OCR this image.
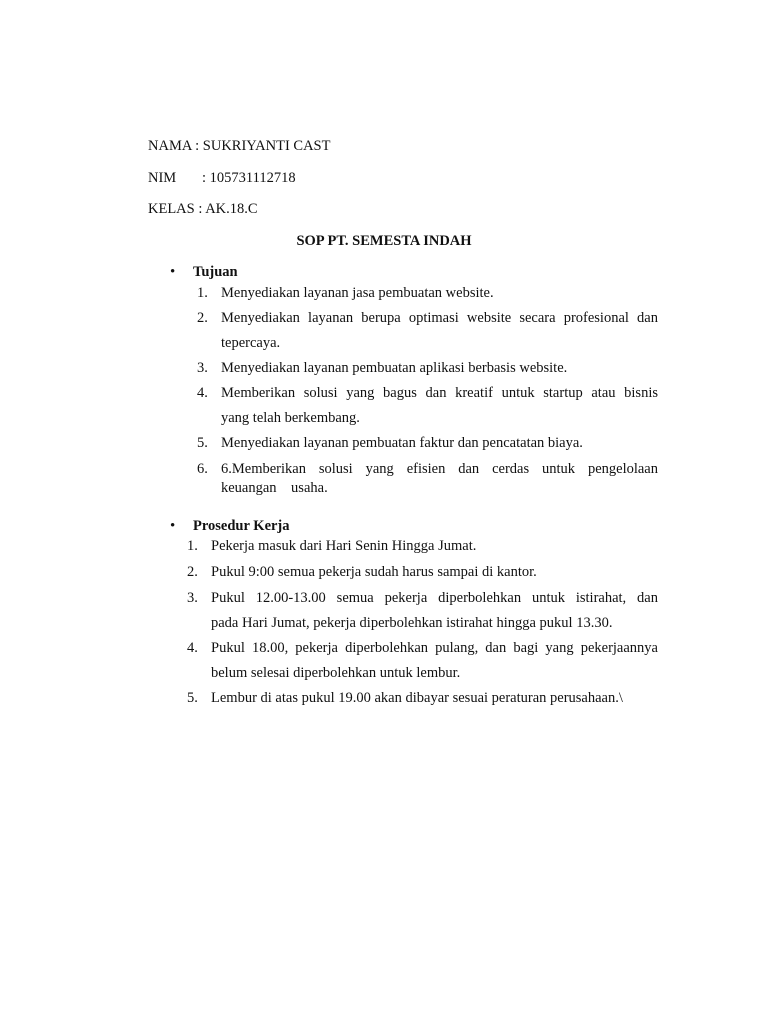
NAMA : SUKRIYANTI CAST
NIM : 105731112718
KELAS : AK.18.C
SOP PT. SEMESTA INDAH
• Tujuan
1. Menyediakan layanan jasa pembuatan website.
2. Menyediakan layanan berupa optimasi website secara profesional dan
tepercaya.
3. Menyediakan layanan pembuatan aplikasi berbasis website.
4. Memberikan solusi yang bagus dan kreatif untuk startup atau bisnis
yang telah berkembang.
5. Menyediakan layanan pembuatan faktur dan pencatatan biaya.
6. 6.Memberikan solusi yang efisien dan cerdas untuk pengelolaan
keuangan    usaha.
• Prosedur Kerja
1. Pekerja masuk dari Hari Senin Hingga Jumat.
2. Pukul 9:00 semua pekerja sudah harus sampai di kantor.
3. Pukul 12.00-13.00 semua pekerja diperbolehkan untuk istirahat, dan
pada Hari Jumat, pekerja diperbolehkan istirahat hingga pukul 13.30.
4. Pukul 18.00, pekerja diperbolehkan pulang, dan bagi yang pekerjaannya
belum selesai diperbolehkan untuk lembur.
5. Lembur di atas pukul 19.00 akan dibayar sesuai peraturan perusahaan.\
